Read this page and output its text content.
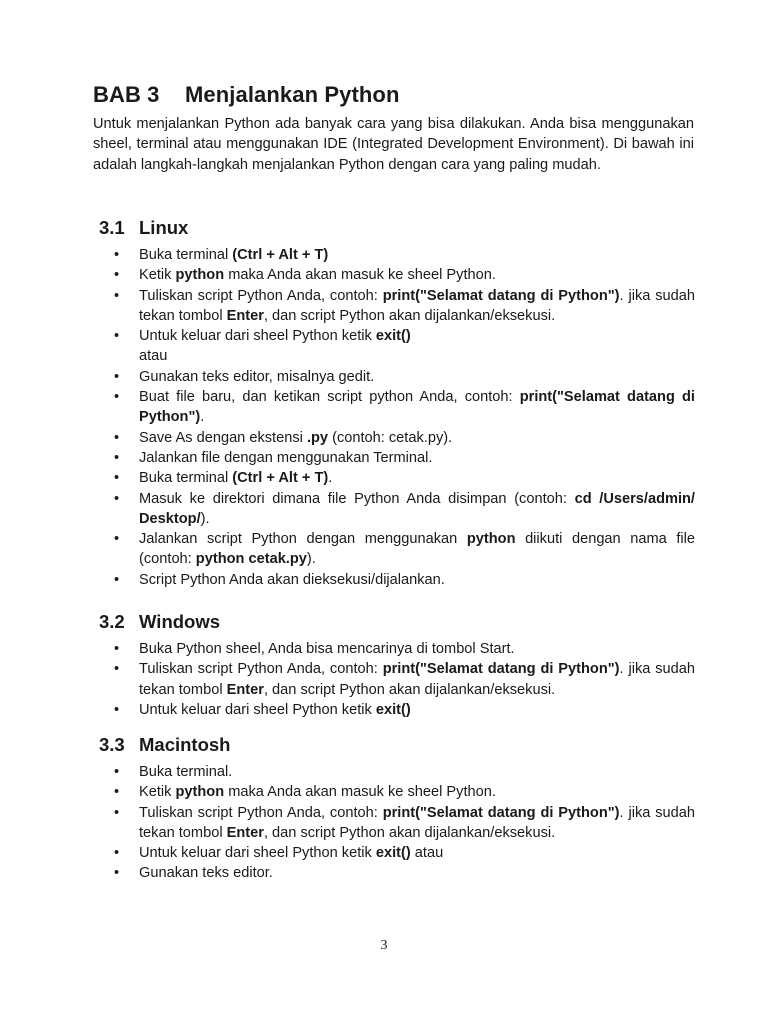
BAB 3 Menjalankan Python

Untuk menjalankan Python ada banyak cara yang bisa dilakukan. Anda bisa menggunakan sheel, terminal atau menggunakan IDE (Integrated Development Environment). Di bawah ini adalah langkah-langkah menjalankan Python dengan cara yang paling mudah.

3.1 Linux
• Buka terminal (Ctrl + Alt + T)
• Ketik python maka Anda akan masuk ke sheel Python.
• Tuliskan script Python Anda, contoh: print("Selamat datang di Python"). jika sudah tekan tombol Enter, dan script Python akan dijalankan/eksekusi.
• Untuk keluar dari sheel Python ketik exit()
atau
• Gunakan teks editor, misalnya gedit.
• Buat file baru, dan ketikan script python Anda, contoh: print("Selamat datang di Python").
• Save As dengan ekstensi .py (contoh: cetak.py).
• Jalankan file dengan menggunakan Terminal.
• Buka terminal (Ctrl + Alt + T).
• Masuk ke direktori dimana file Python Anda disimpan (contoh: cd /Users/admin/ Desktop/).
• Jalankan script Python dengan menggunakan python diikuti dengan nama file (contoh: python cetak.py).
• Script Python Anda akan dieksekusi/dijalankan.
3.2 Windows
• Buka Python sheel, Anda bisa mencarinya di tombol Start.
• Tuliskan script Python Anda, contoh: print("Selamat datang di Python"). jika sudah tekan tombol Enter, dan script Python akan dijalankan/eksekusi.
• Untuk keluar dari sheel Python ketik exit()
3.3 Macintosh
• Buka terminal.
• Ketik python maka Anda akan masuk ke sheel Python.
• Tuliskan script Python Anda, contoh: print("Selamat datang di Python"). jika sudah tekan tombol Enter, dan script Python akan dijalankan/eksekusi.
• Untuk keluar dari sheel Python ketik exit() atau
• Gunakan teks editor.
3
